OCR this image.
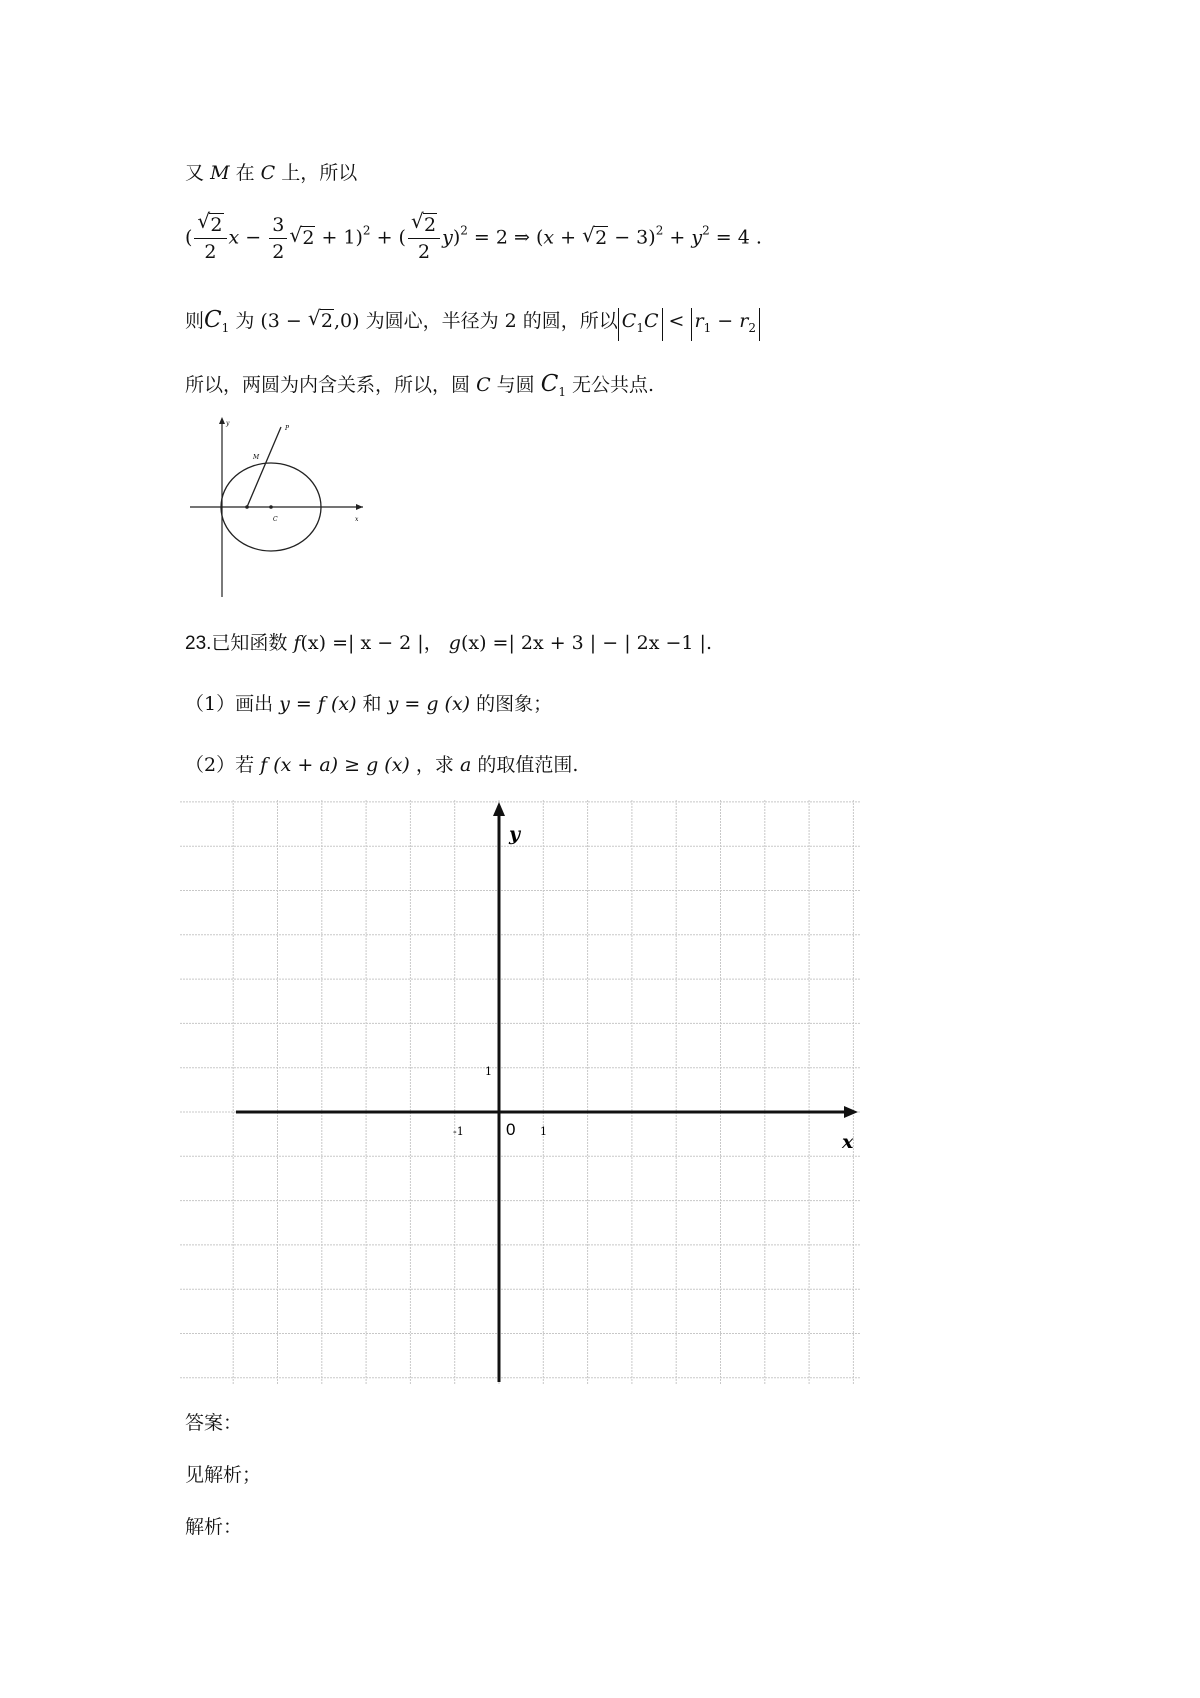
又 M 在 C 上，所以
( $\frac{√ 2}{2}$ $x - \frac{3}{2}$ √ 2 + 1)$^2$ + ( $\frac{√ 2}{2} y)^2 = 2$ ⇒ (x + √ $2 - 3)^2 + y^2 = 4$ .
则$C_1$ 为 (3 − √ 2,0) 为圆心，半径为 2 的圆，所以 $C_1C < r_1 - r_2$
所以，两圆为内含关系，所以，圆 C 与圆 $C_1$ 无公共点.
y
P
M
C	x
23.已知函数 f(x) =| x − 2 |， g(x) =| 2x + 3 | − | 2x −1 |.
（1）画出 y = f (x) 和 y = g (x) 的图象；
（2）若 f (x + a) ≥ g (x) ，求 a 的取值范围.
y
x
0 1
-1
1
答案：
见解析；
解析：
